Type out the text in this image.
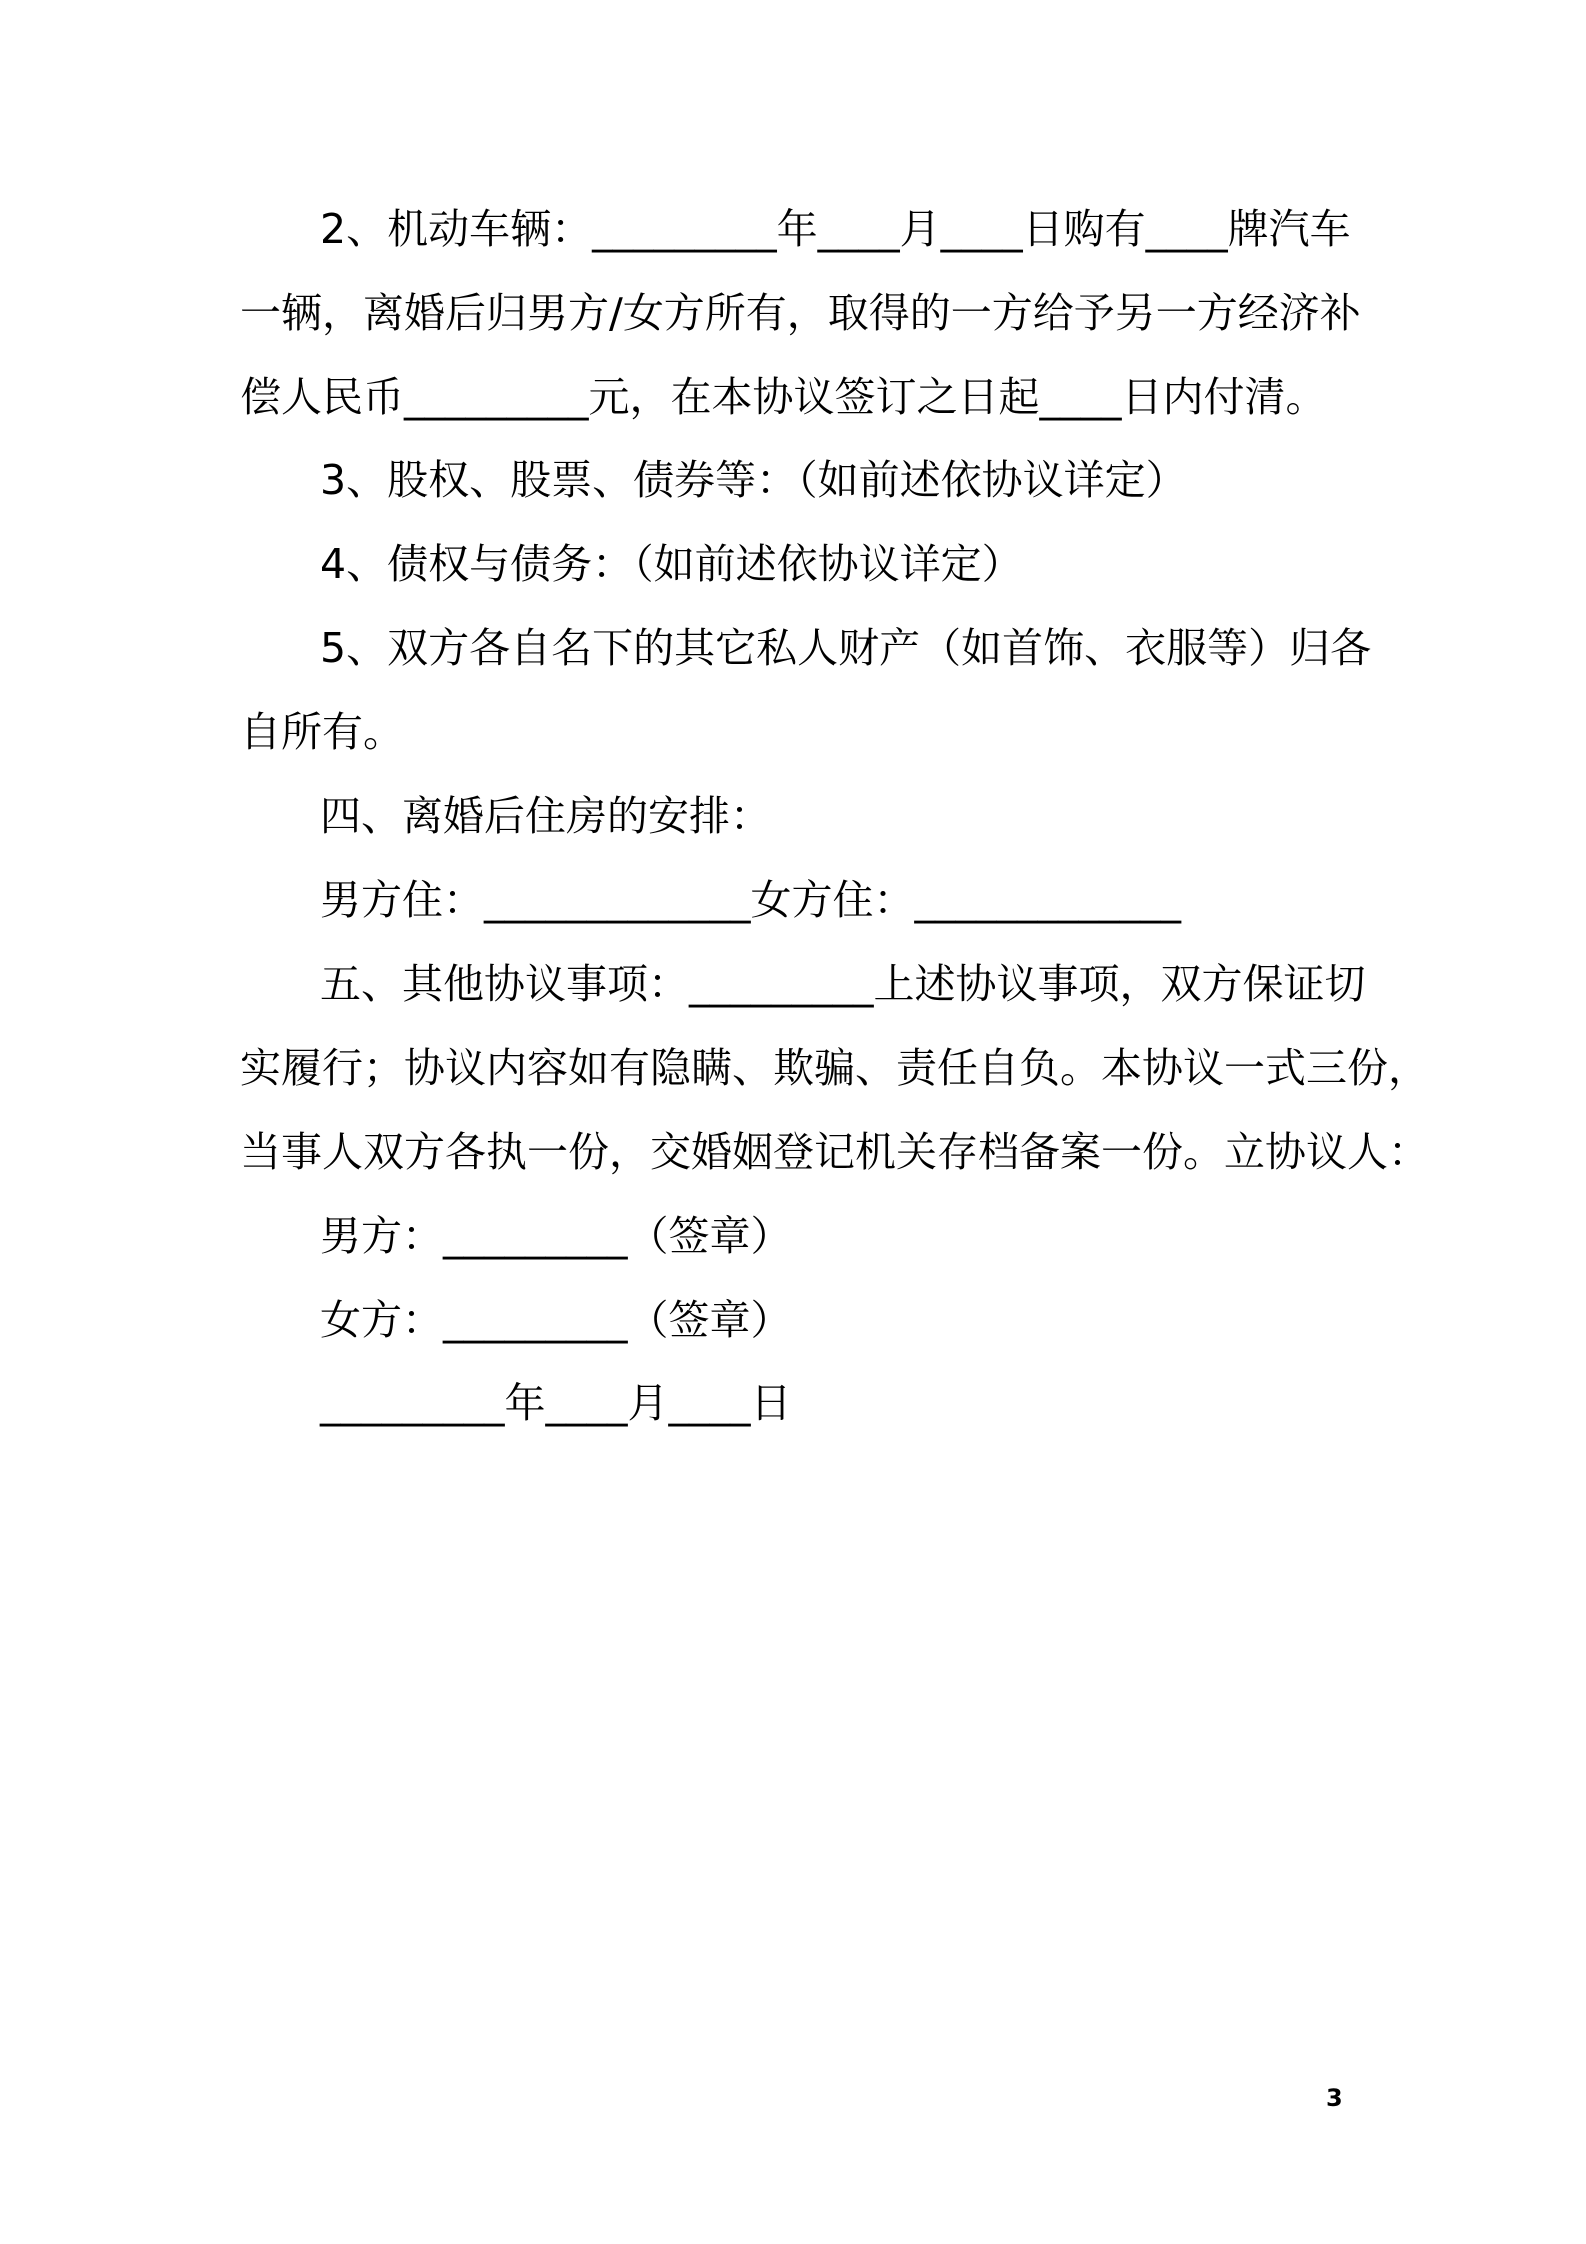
2、机动车辆：_________年____月____日购有____牌汽车

一辆，离婚后归男方/女方所有，取得的一方给予另一方经济补

偿人民币_________元，在本协议签订之日起____日内付清。

3、股权、股票、债券等：（如前述依协议详定）

4、债权与债务：（如前述依协议详定）

5、双方各自名下的其它私人财产（如首饰、衣服等）归各

自所有。

四、离婚后住房的安排：

男方住：_____________女方住：_____________

五、其他协议事项：_________上述协议事项，双方保证切

实履行；协议内容如有隐瞒、欺骗、责任自负。本协议一式三份，

当事人双方各执一份，交婚姻登记机关存档备案一份。立协议人：

男方：_________（签章）

女方：_________（签章）

_________年____月____日

3
